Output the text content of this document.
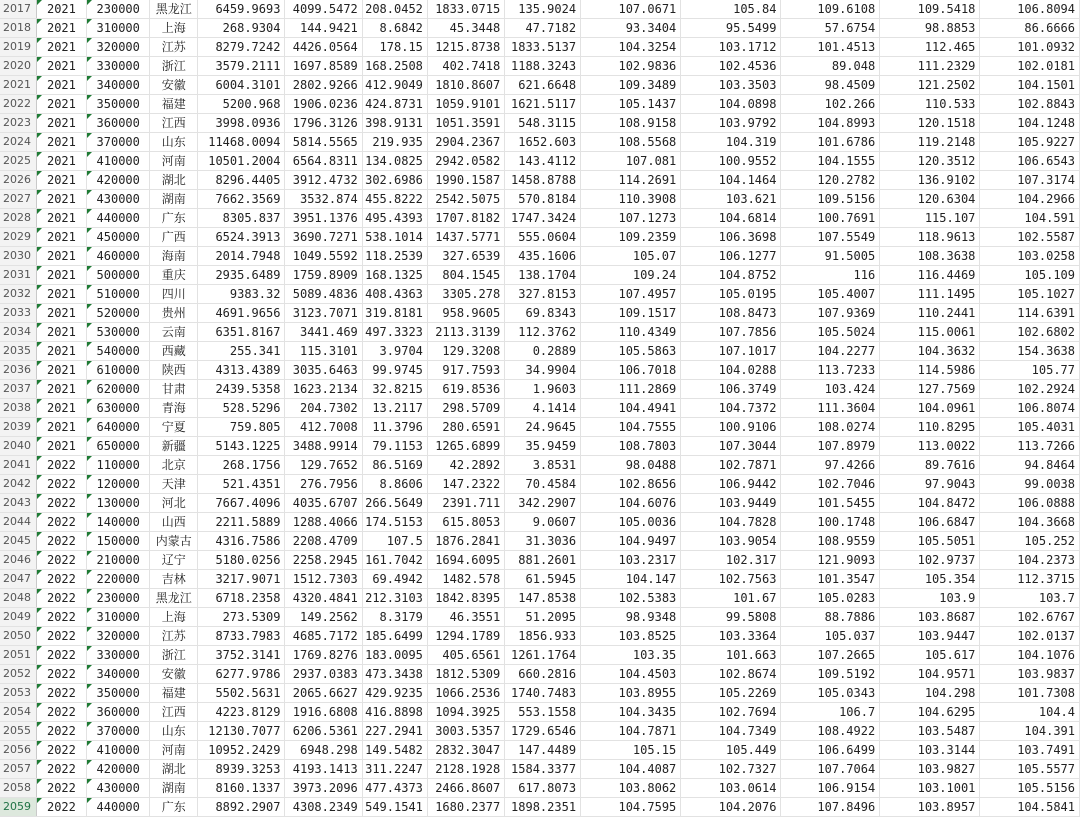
2017	2021	230000	黑龙江	6459.9693	4099.5472	208.0452	1833.0715	135.9024	107.0671	105.84	109.6108	109.5418	106.8094
2018	2021	310000	上海	268.9304	144.9421	8.6842	45.3448	47.7182	93.3404	95.5499	57.6754	98.8853	86.6666
2019	2021	320000	江苏	8279.7242	4426.0564	178.15	1215.8738	1833.5137	104.3254	103.1712	101.4513	112.465	101.0932
2020	2021	330000	浙江	3579.2111	1697.8589	168.2508	402.7418	1188.3243	102.9836	102.4536	89.048	111.2329	102.0181
2021	2021	340000	安徽	6004.3101	2802.9266	412.9049	1810.8607	621.6648	109.3489	103.3503	98.4509	121.2502	104.1501
2022	2021	350000	福建	5200.968	1906.0236	424.8731	1059.9101	1621.5117	105.1437	104.0898	102.266	110.533	102.8843
2023	2021	360000	江西	3998.0936	1796.3126	398.9131	1051.3591	548.3115	108.9158	103.9792	104.8993	120.1518	104.1248
2024	2021	370000	山东	11468.0094	5814.5565	219.935	2904.2367	1652.603	108.5568	104.319	101.6786	119.2148	105.9227
2025	2021	410000	河南	10501.2004	6564.8311	134.0825	2942.0582	143.4112	107.081	100.9552	104.1555	120.3512	106.6543
2026	2021	420000	湖北	8296.4405	3912.4732	302.6986	1990.1587	1458.8788	114.2691	104.1464	120.2782	136.9102	107.3174
2027	2021	430000	湖南	7662.3569	3532.874	455.8222	2542.5075	570.8184	110.3908	103.621	109.5156	120.6304	104.2966
2028	2021	440000	广东	8305.837	3951.1376	495.4393	1707.8182	1747.3424	107.1273	104.6814	100.7691	115.107	104.591
2029	2021	450000	广西	6524.3913	3690.7271	538.1014	1437.5771	555.0604	109.2359	106.3698	107.5549	118.9613	102.5587
2030	2021	460000	海南	2014.7948	1049.5592	118.2539	327.6539	435.1606	105.07	106.1277	91.5005	108.3638	103.0258
2031	2021	500000	重庆	2935.6489	1759.8909	168.1325	804.1545	138.1704	109.24	104.8752	116	116.4469	105.109
2032	2021	510000	四川	9383.32	5089.4836	408.4363	3305.278	327.8153	107.4957	105.0195	105.4007	111.1495	105.1027
2033	2021	520000	贵州	4691.9656	3123.7071	319.8181	958.9605	69.8343	109.1517	108.8473	107.9369	110.2441	114.6391
2034	2021	530000	云南	6351.8167	3441.469	497.3323	2113.3139	112.3762	110.4349	107.7856	105.5024	115.0061	102.6802
2035	2021	540000	西藏	255.341	115.3101	3.9704	129.3208	0.2889	105.5863	107.1017	104.2277	104.3632	154.3638
2036	2021	610000	陕西	4313.4389	3035.6463	99.9745	917.7593	34.9904	106.7018	104.0288	113.7233	114.5986	105.77
2037	2021	620000	甘肃	2439.5358	1623.2134	32.8215	619.8536	1.9603	111.2869	106.3749	103.424	127.7569	102.2924
2038	2021	630000	青海	528.5296	204.7302	13.2117	298.5709	4.1414	104.4941	104.7372	111.3604	104.0961	106.8074
2039	2021	640000	宁夏	759.805	412.7008	11.3796	280.6591	24.9645	104.7555	100.9106	108.0274	110.8295	105.4031
2040	2021	650000	新疆	5143.1225	3488.9914	79.1153	1265.6899	35.9459	108.7803	107.3044	107.8979	113.0022	113.7266
2041	2022	110000	北京	268.1756	129.7652	86.5169	42.2892	3.8531	98.0488	102.7871	97.4266	89.7616	94.8464
2042	2022	120000	天津	521.4351	276.7956	8.8606	147.2322	70.4584	102.8656	106.9442	102.7046	97.9043	99.0038
2043	2022	130000	河北	7667.4096	4035.6707	266.5649	2391.711	342.2907	104.6076	103.9449	101.5455	104.8472	106.0888
2044	2022	140000	山西	2211.5889	1288.4066	174.5153	615.8053	9.0607	105.0036	104.7828	100.1748	106.6847	104.3668
2045	2022	150000	内蒙古	4316.7586	2208.4709	107.5	1876.2841	31.3036	104.9497	103.9054	108.9559	105.5051	105.252
2046	2022	210000	辽宁	5180.0256	2258.2945	161.7042	1694.6095	881.2601	103.2317	102.317	121.9093	102.9737	104.2373
2047	2022	220000	吉林	3217.9071	1512.7303	69.4942	1482.578	61.5945	104.147	102.7563	101.3547	105.354	112.3715
2048	2022	230000	黑龙江	6718.2358	4320.4841	212.3103	1842.8395	147.8538	102.5383	101.67	105.0283	103.9	103.7
2049	2022	310000	上海	273.5309	149.2562	8.3179	46.3551	51.2095	98.9348	99.5808	88.7886	103.8687	102.6767
2050	2022	320000	江苏	8733.7983	4685.7172	185.6499	1294.1789	1856.933	103.8525	103.3364	105.037	103.9447	102.0137
2051	2022	330000	浙江	3752.3141	1769.8276	183.0095	405.6561	1261.1764	103.35	101.663	107.2665	105.617	104.1076
2052	2022	340000	安徽	6277.9786	2937.0383	473.3438	1812.5309	660.2816	104.4503	102.8674	109.5192	104.9571	103.9837
2053	2022	350000	福建	5502.5631	2065.6627	429.9235	1066.2536	1740.7483	103.8955	105.2269	105.0343	104.298	101.7308
2054	2022	360000	江西	4223.8129	1916.6808	416.8898	1094.3925	553.1558	104.3435	102.7694	106.7	104.6295	104.4
2055	2022	370000	山东	12130.7077	6206.5361	227.2941	3003.5357	1729.6546	104.7871	104.7349	108.4922	103.5487	104.391
2056	2022	410000	河南	10952.2429	6948.298	149.5482	2832.3047	147.4489	105.15	105.449	106.6499	103.3144	103.7491
2057	2022	420000	湖北	8939.3253	4193.1413	311.2247	2128.1928	1584.3377	104.4087	102.7327	107.7064	103.9827	105.5577
2058	2022	430000	湖南	8160.1337	3973.2096	477.4373	2466.8607	617.8073	103.8062	103.0614	106.9154	103.1001	105.5156
2059	2022	440000	广东	8892.2907	4308.2349	549.1541	1680.2377	1898.2351	104.7595	104.2076	107.8496	103.8957	104.5841
